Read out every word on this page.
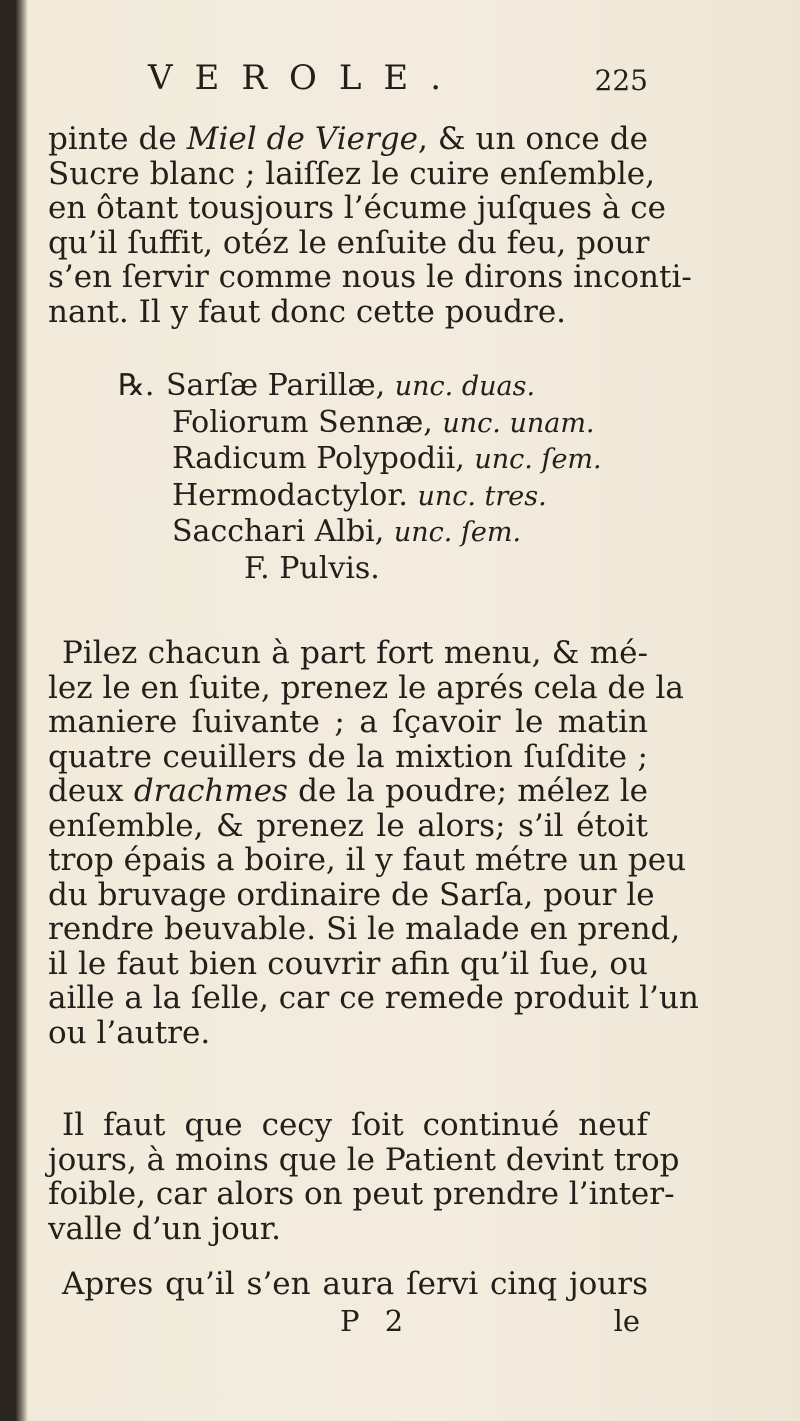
VEROLE.	225
pinte de Miel de Vierge, & un once de
Sucre blanc ; laiſſez le cuire enſemble,
en ôtant tousjours l’écume juſques à ce
qu’il ſuffit, otéz le enſuite du feu, pour
s’en ſervir comme nous le dirons inconti-
nant. Il y faut donc cette poudre.
℞. Sarſæ Parillæ, unc. duas.
Foliorum Sennæ, unc. unam.
Radicum Polypodii, unc. ſem.
Hermodactylor. unc. tres.
Sacchari Albi, unc. ſem.
F. Pulvis.
Pilez chacun à part fort menu, & mé-
lez le en ſuite, prenez le aprés cela de la
maniere ſuivante ; a ſçavoir le matin
quatre ceuillers de la mixtion ſuſdite ;
deux drachmes de la poudre; mélez le
enſemble, & prenez le alors; s’il étoit
trop épais a boire, il y faut métre un peu
du bruvage ordinaire de Sarſa, pour le
rendre beuvable. Si le malade en prend,
il le faut bien couvrir afin qu’il ſue, ou
aille a la ſelle, car ce remede produit l’un
ou l’autre.
Il faut que cecy ſoit continué neuf
jours, à moins que le Patient devint trop
foible, car alors on peut prendre l’inter-
valle d’un jour.
Apres qu’il s’en aura ſervi cinq jours
P 2	le
